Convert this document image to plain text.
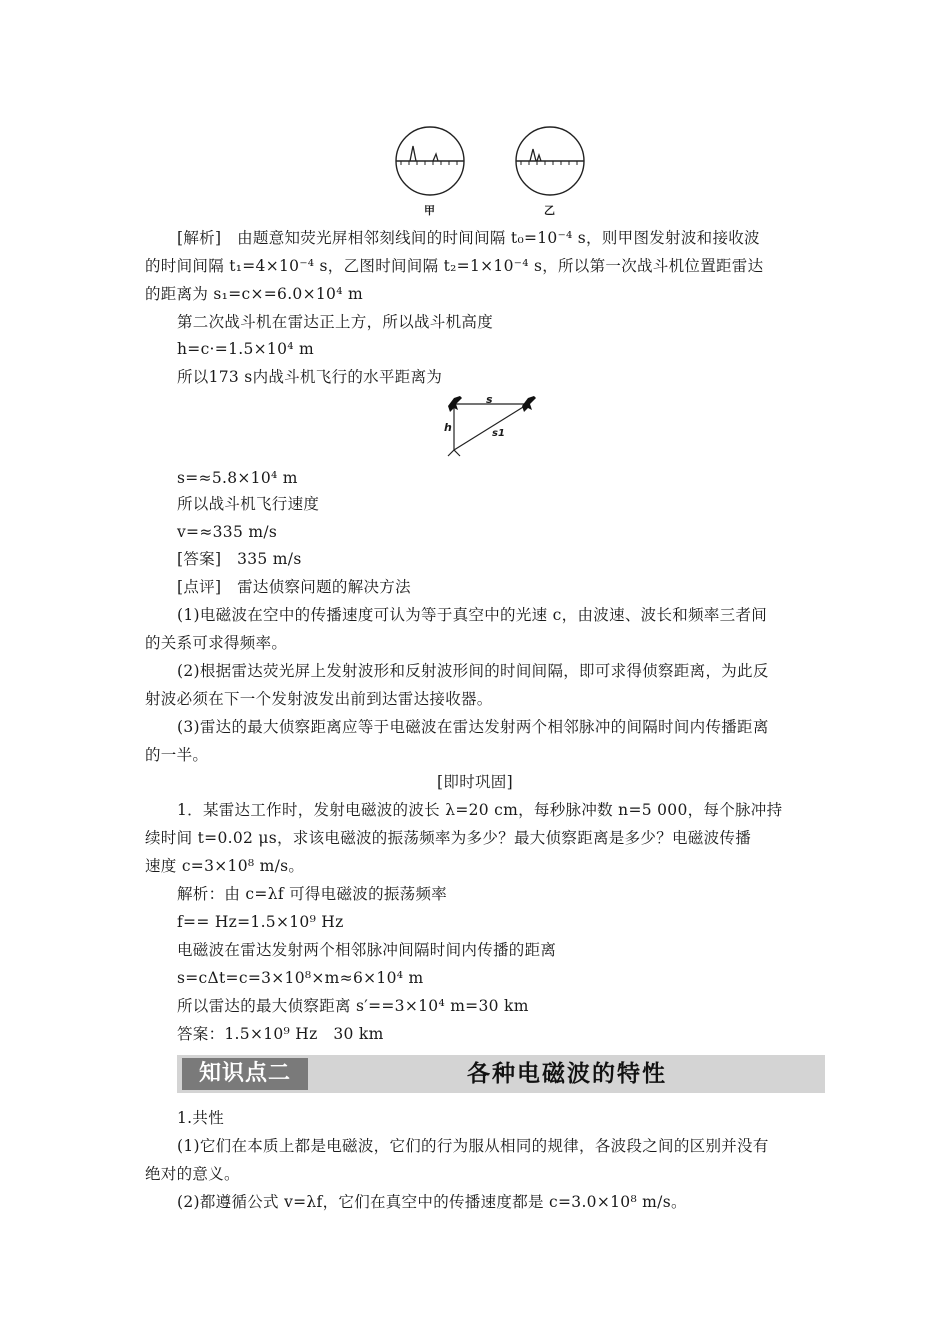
甲	乙
[解析]　由题意知荧光屏相邻刻线间的时间间隔 t₀=10⁻⁴ s，则甲图发射波和接收波
的时间间隔 t₁=4×10⁻⁴ s，乙图时间间隔 t₂=1×10⁻⁴ s，所以第一次战斗机位置距雷达
的距离为 s₁=c×=6.0×10⁴ m
第二次战斗机在雷达正上方，所以战斗机高度
h=c·=1.5×10⁴ m
所以173 s内战斗机飞行的水平距离为
s
h	s1
s=≈5.8×10⁴ m
所以战斗机飞行速度
v=≈335 m/s
[答案]　335 m/s
[点评]　雷达侦察问题的解决方法
(1)电磁波在空中的传播速度可认为等于真空中的光速 c，由波速、波长和频率三者间
的关系可求得频率。
(2)根据雷达荧光屏上发射波形和反射波形间的时间间隔，即可求得侦察距离，为此反
射波必须在下一个发射波发出前到达雷达接收器。
(3)雷达的最大侦察距离应等于电磁波在雷达发射两个相邻脉冲的间隔时间内传播距离
的一半。
[即时巩固]
1．某雷达工作时，发射电磁波的波长 λ=20 cm，每秒脉冲数 n=5 000，每个脉冲持
续时间 t=0.02 μs，求该电磁波的振荡频率为多少？最大侦察距离是多少？电磁波传播
速度 c=3×10⁸ m/s。
解析：由 c=λf 可得电磁波的振荡频率
f== Hz=1.5×10⁹ Hz
电磁波在雷达发射两个相邻脉冲间隔时间内传播的距离
s=cΔt=c=3×10⁸×m≈6×10⁴ m
所以雷达的最大侦察距离 s′==3×10⁴ m=30 km
答案：1.5×10⁹ Hz　30 km
知识点二	各种电磁波的特性
1.共性
(1)它们在本质上都是电磁波，它们的行为服从相同的规律，各波段之间的区别并没有
绝对的意义。
(2)都遵循公式 v=λf，它们在真空中的传播速度都是 c=3.0×10⁸ m/s。
